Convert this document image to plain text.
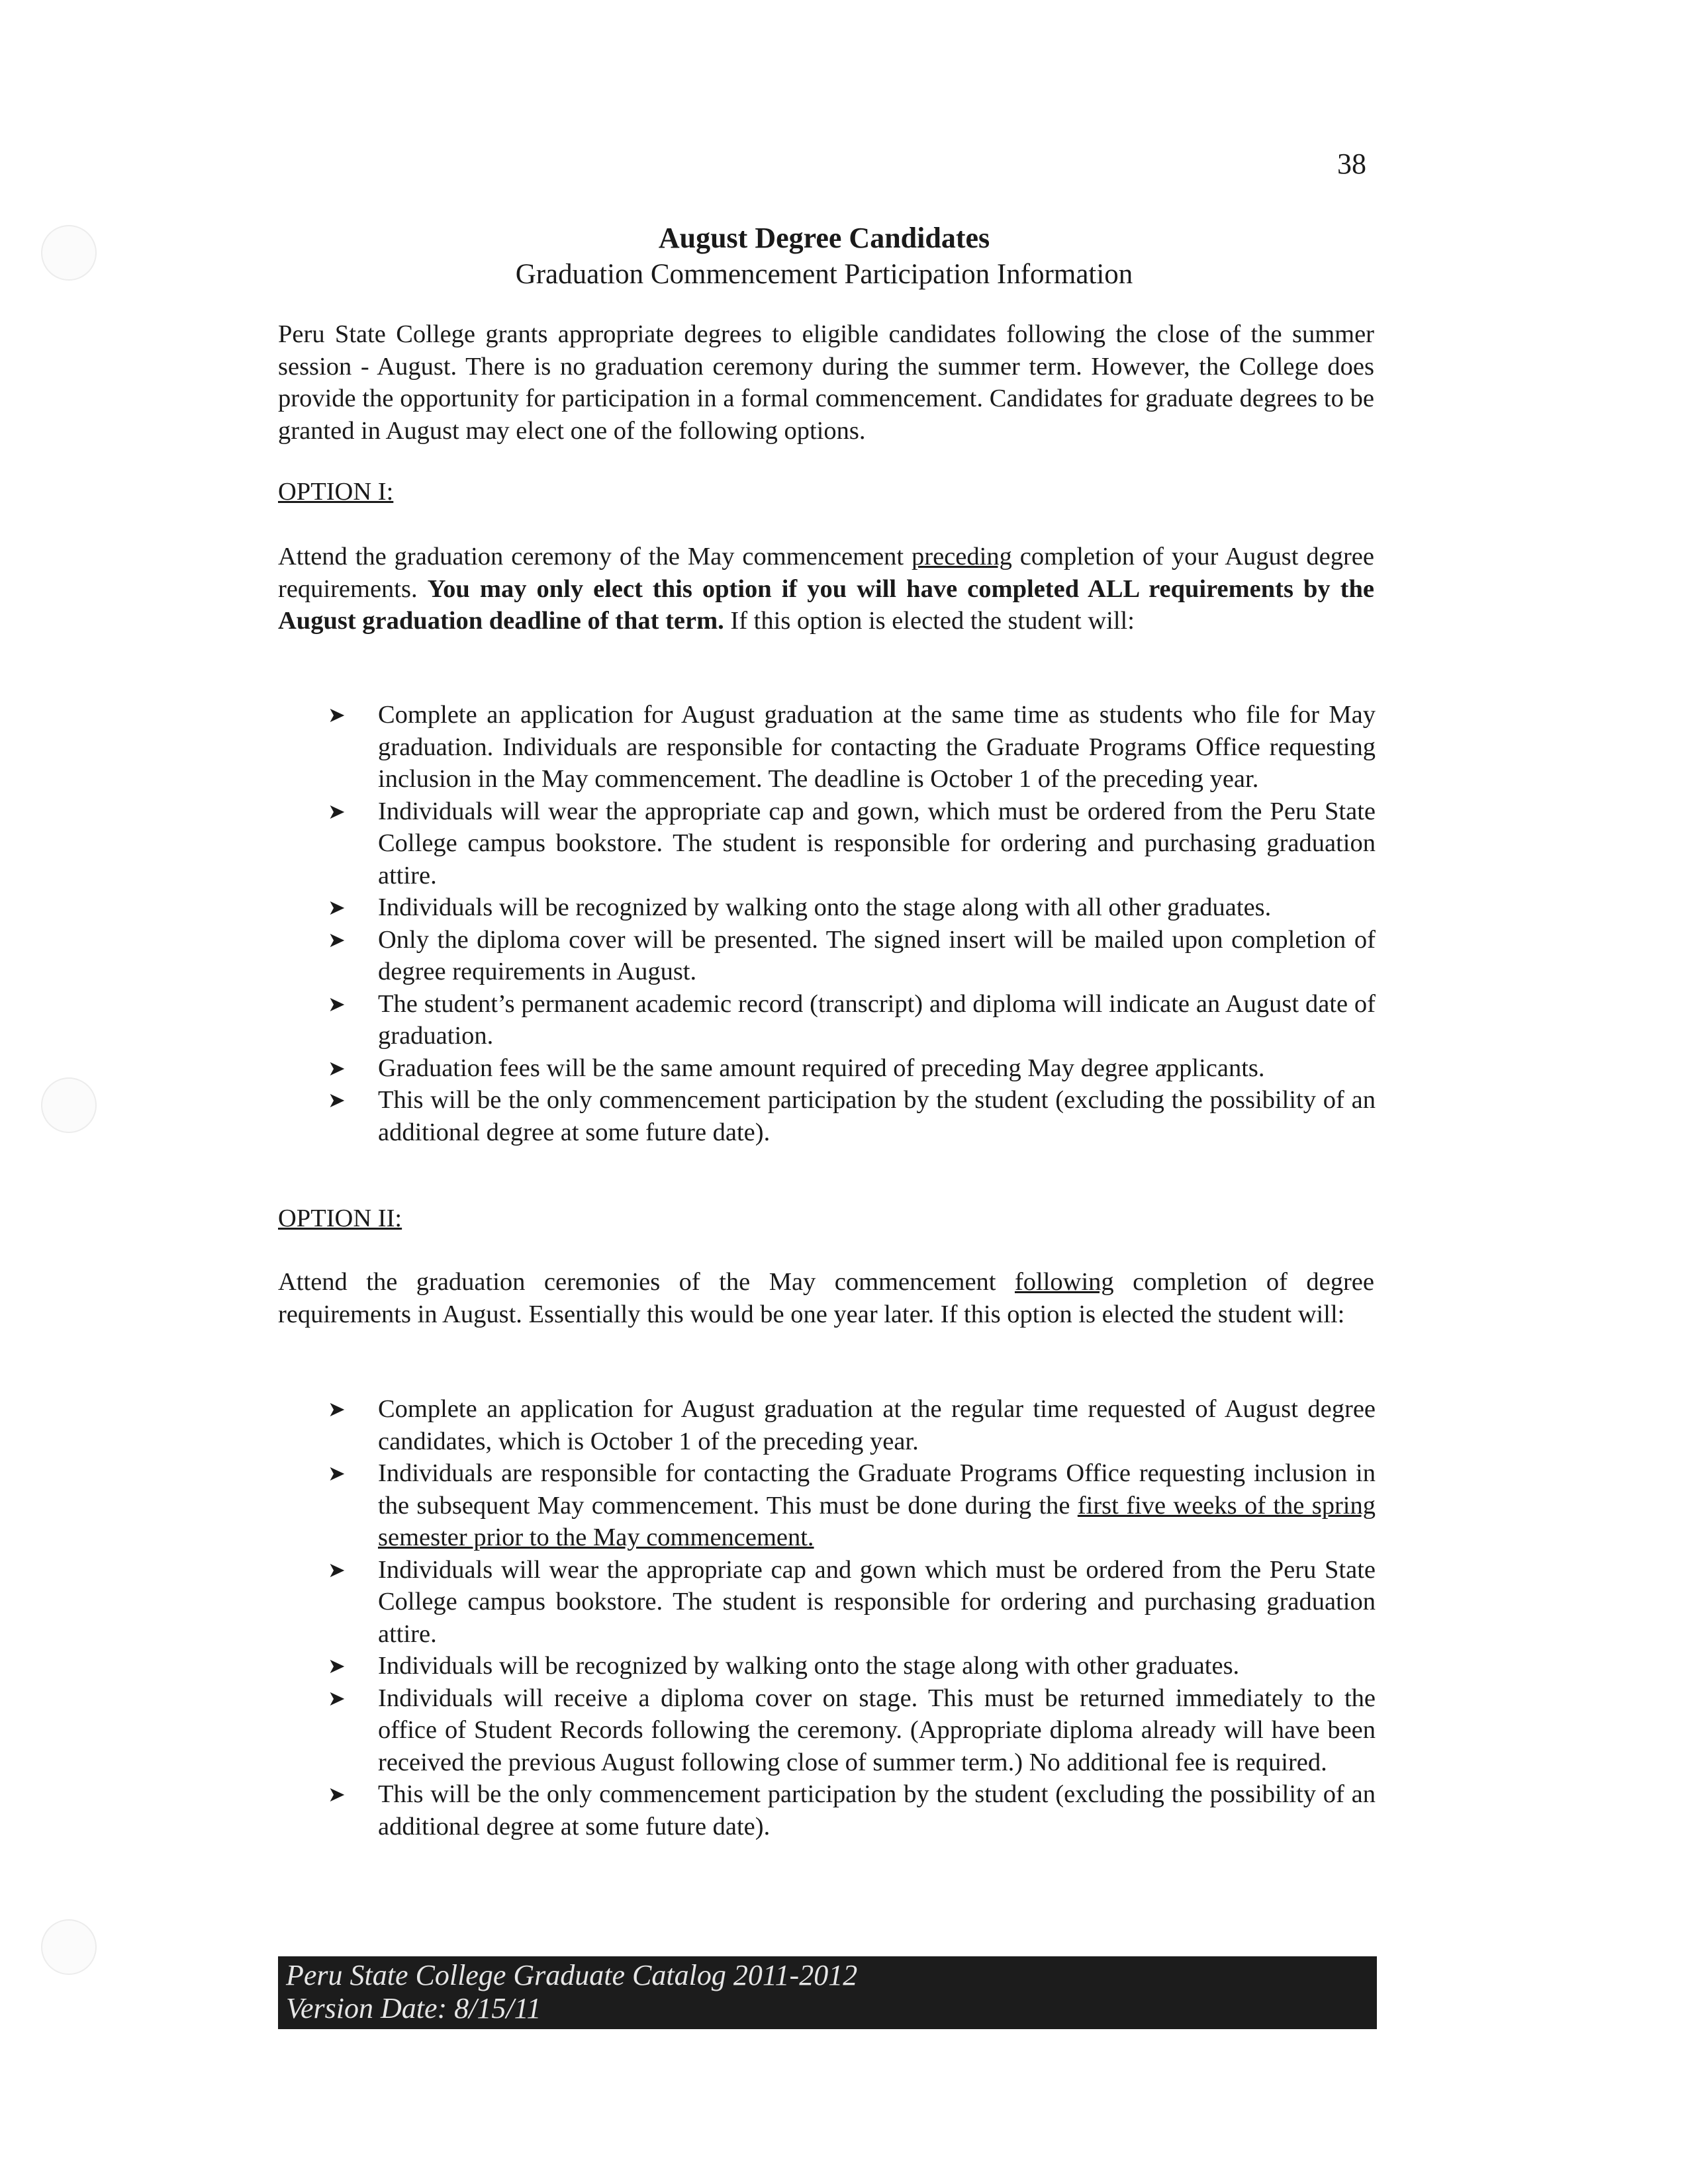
38
August Degree Candidates
Graduation Commencement Participation Information

Peru State College grants appropriate degrees to eligible candidates following the close of the summer session - August. There is no graduation ceremony during the summer term. However, the College does provide the opportunity for participation in a formal commencement. Candidates for graduate degrees to be granted in August may elect one of the following options.

OPTION I:

Attend the graduation ceremony of the May commencement preceding completion of your August degree requirements. You may only elect this option if you will have completed ALL requirements by the August graduation deadline of that term. If this option is elected the student will:

➤ Complete an application for August graduation at the same time as students who file for May graduation. Individuals are responsible for contacting the Graduate Programs Office requesting inclusion in the May commencement. The deadline is October 1 of the preceding year.
➤ Individuals will wear the appropriate cap and gown, which must be ordered from the Peru State College campus bookstore. The student is responsible for ordering and purchasing graduation attire.
➤ Individuals will be recognized by walking onto the stage along with all other graduates.
➤ Only the diploma cover will be presented. The signed insert will be mailed upon completion of degree requirements in August.
➤ The student’s permanent academic record (transcript) and diploma will indicate an August date of graduation.
➤ Graduation fees will be the same amount required of preceding May degree applicants.
➤ This will be the only commencement participation by the student (excluding the possibility of an additional degree at some future date).
OPTION II:

Attend the graduation ceremonies of the May commencement following completion of degree requirements in August. Essentially this would be one year later. If this option is elected the student will:

➤ Complete an application for August graduation at the regular time requested of August degree candidates, which is October 1 of the preceding year.
➤ Individuals are responsible for contacting the Graduate Programs Office requesting inclusion in the subsequent May commencement. This must be done during the first five weeks of the spring semester prior to the May commencement.
➤ Individuals will wear the appropriate cap and gown which must be ordered from the Peru State College campus bookstore. The student is responsible for ordering and purchasing graduation attire.
➤ Individuals will be recognized by walking onto the stage along with other graduates.
➤ Individuals will receive a diploma cover on stage. This must be returned immediately to the office of Student Records following the ceremony. (Appropriate diploma already will have been received the previous August following close of summer term.) No additional fee is required.
➤ This will be the only commencement participation by the student (excluding the possibility of an additional degree at some future date).
Peru State College Graduate Catalog 2011-2012
Version Date: 8/15/11
